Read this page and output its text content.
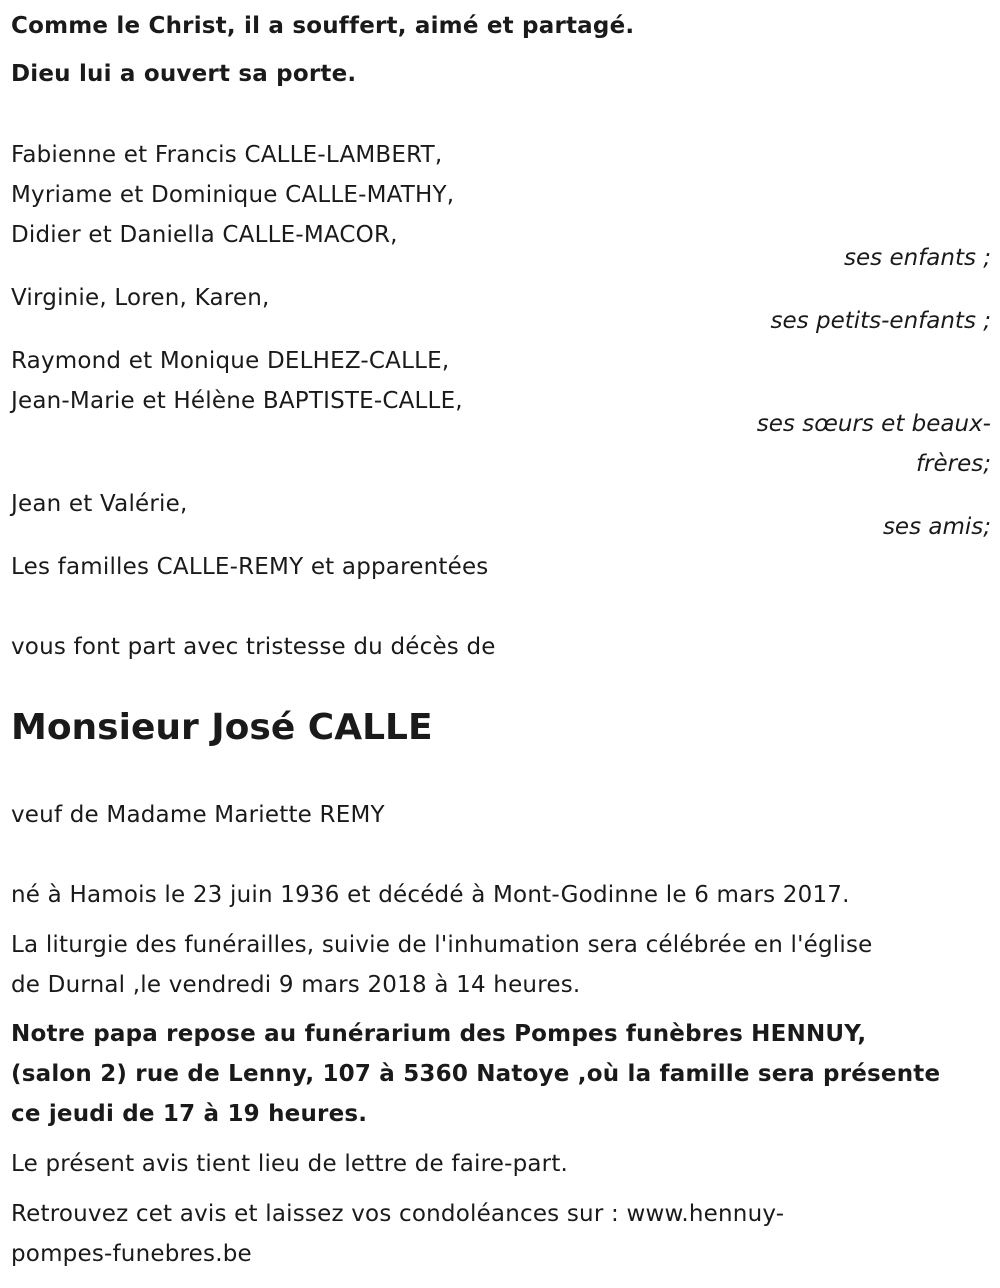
Comme le Christ, il a souffert, aimé et partagé.
Dieu lui a ouvert sa porte.
Fabienne et Francis CALLE-LAMBERT,
Myriame et Dominique CALLE-MATHY,
Didier et Daniella CALLE-MACOR,
ses enfants ;
Virginie, Loren, Karen,
ses petits-enfants ;
Raymond et Monique DELHEZ-CALLE,
Jean-Marie et Hélène BAPTISTE-CALLE,
ses sœurs et beaux-
frères;
Jean et Valérie,
ses amis;
Les familles CALLE-REMY et apparentées
vous font part avec tristesse du décès de
Monsieur José CALLE
veuf de Madame Mariette REMY
né à Hamois le 23 juin 1936 et décédé à Mont-Godinne le 6 mars 2017.
La liturgie des funérailles, suivie de l'inhumation sera célébrée en l'église
de Durnal ,le vendredi 9 mars 2018 à 14 heures.
Notre papa repose au funérarium des Pompes funèbres HENNUY,
(salon 2) rue de Lenny, 107 à 5360 Natoye ,où la famille sera présente
ce jeudi de 17 à 19 heures.
Le présent avis tient lieu de lettre de faire-part.
Retrouvez cet avis et laissez vos condoléances sur : www.hennuy-
pompes-funebres.be
